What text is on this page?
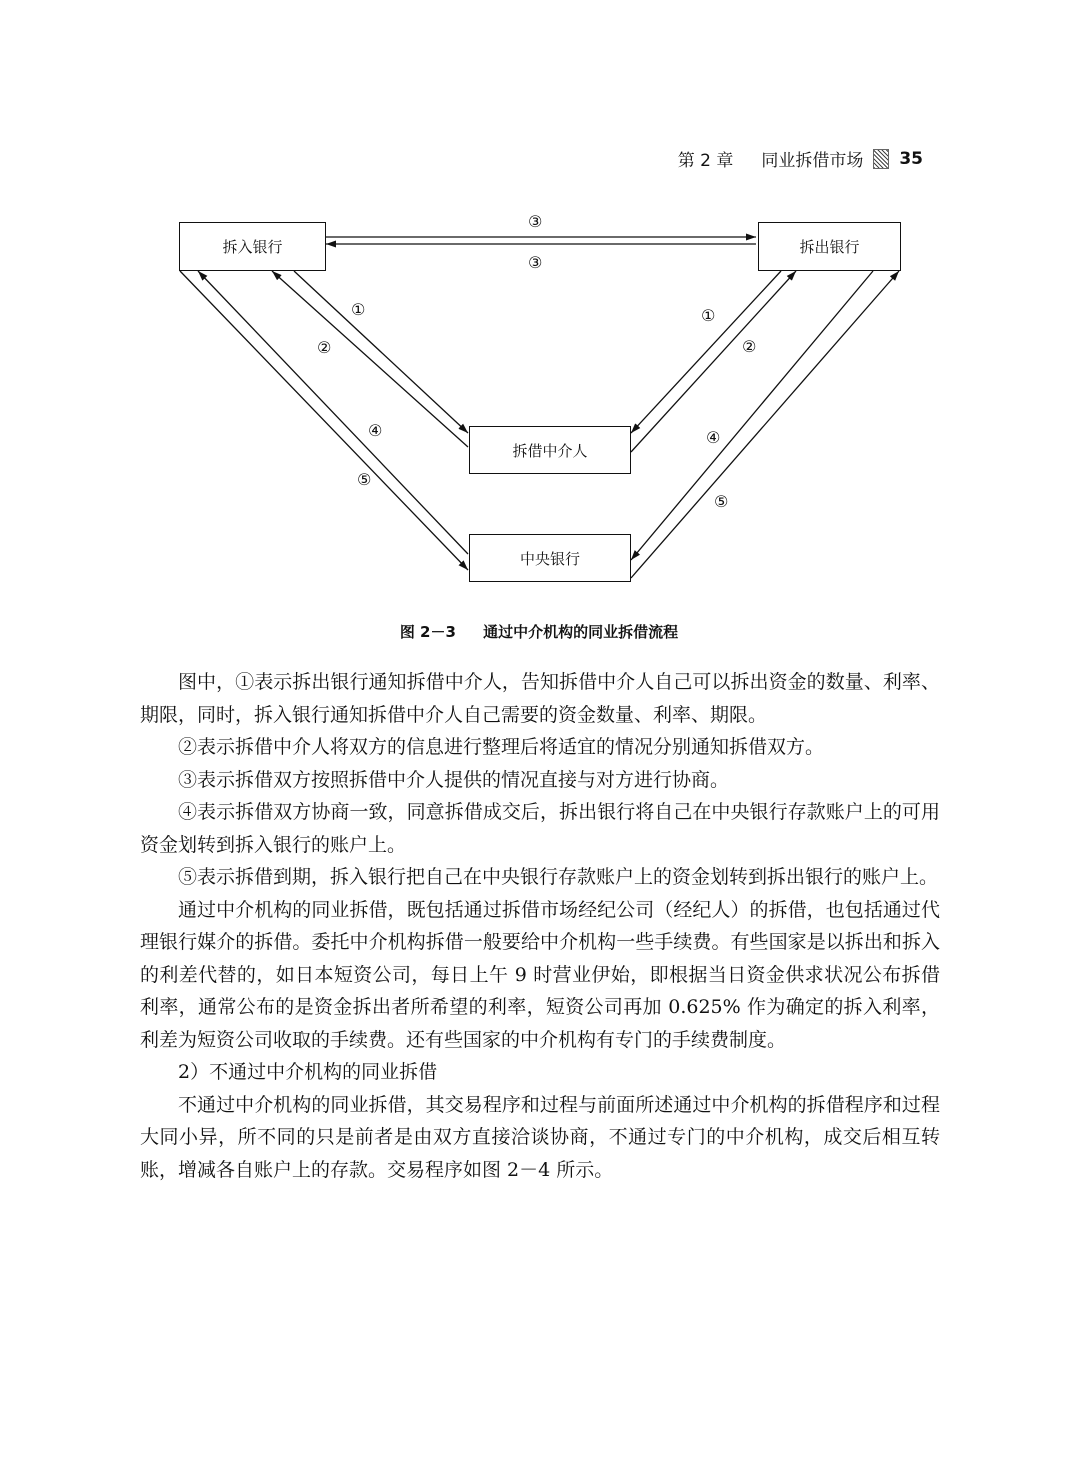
第 2 章 同业拆借市场 35
拆入银行	拆出银行
拆借中介人
中央银行
③
③
①
②
④
⑤
①
②
④
⑤
图 2－3 通过中介机构的同业拆借流程

图中，①表示拆出银行通知拆借中介人，告知拆借中介人自己可以拆出资金的数量、利率、期限，同时，拆入银行通知拆借中介人自己需要的资金数量、利率、期限。

②表示拆借中介人将双方的信息进行整理后将适宜的情况分别通知拆借双方。

③表示拆借双方按照拆借中介人提供的情况直接与对方进行协商。

④表示拆借双方协商一致，同意拆借成交后，拆出银行将自己在中央银行存款账户上的可用资金划转到拆入银行的账户上。

⑤表示拆借到期，拆入银行把自己在中央银行存款账户上的资金划转到拆出银行的账户上。

通过中介机构的同业拆借，既包括通过拆借市场经纪公司（经纪人）的拆借，也包括通过代理银行媒介的拆借。委托中介机构拆借一般要给中介机构一些手续费。有些国家是以拆出和拆入的利差代替的，如日本短资公司，每日上午 9 时营业伊始，即根据当日资金供求状况公布拆借利率，通常公布的是资金拆出者所希望的利率，短资公司再加 0.625% 作为确定的拆入利率，利差为短资公司收取的手续费。还有些国家的中介机构有专门的手续费制度。

2）不通过中介机构的同业拆借

不通过中介机构的同业拆借，其交易程序和过程与前面所述通过中介机构的拆借程序和过程大同小异，所不同的只是前者是由双方直接洽谈协商，不通过专门的中介机构，成交后相互转账，增减各自账户上的存款。交易程序如图 2－4 所示。
